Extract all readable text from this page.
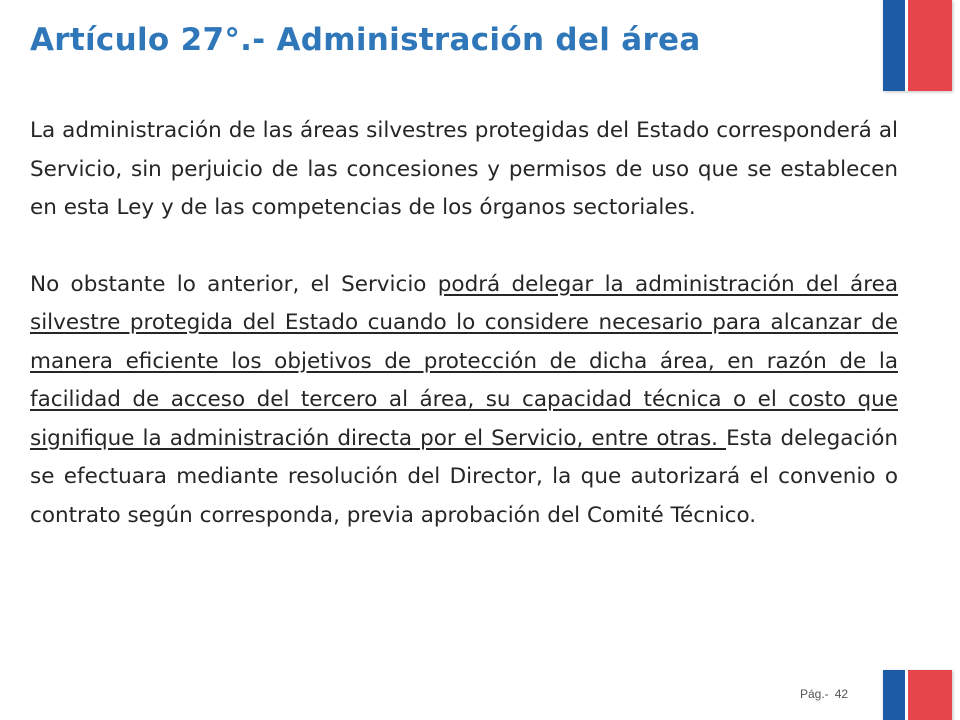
Artículo 27°.- Administración del área

La administración de las áreas silvestres protegidas del Estado corresponderá al Servicio, sin perjuicio de las concesiones y permisos de uso que se establecen en esta Ley y de las competencias de los órganos sectoriales.

No obstante lo anterior, el Servicio podrá delegar la administración del área silvestre protegida del Estado cuando lo considere necesario para alcanzar de manera eficiente los objetivos de protección de dicha área, en razón de la facilidad de acceso del tercero al área, su capacidad técnica o el costo que signifique la administración directa por el Servicio, entre otras. Esta delegación se efectuara mediante resolución del Director, la que autorizará el convenio o contrato según corresponda, previa aprobación del Comité Técnico.

Pág.- 42
